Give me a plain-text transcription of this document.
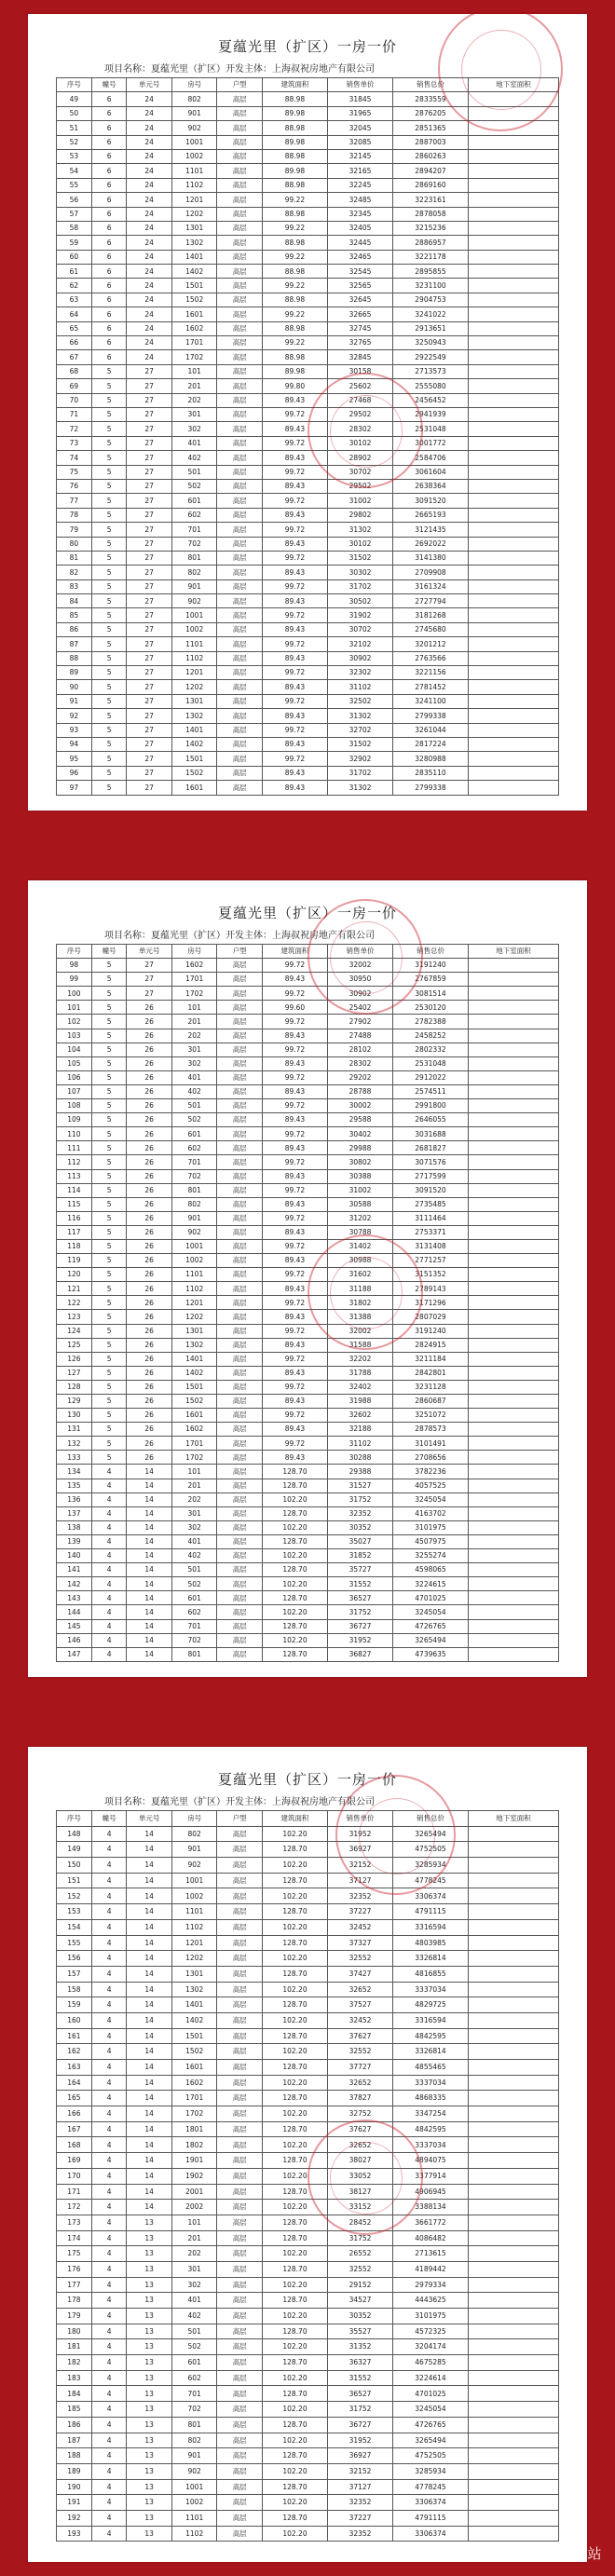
夏蕴光里（扩区）一房一价
项目名称：夏蕴光里（扩区）开发主体：上海叔祝房地产有限公司
序号	幢号	单元号	房号	户型	建筑面积	销售单价	销售总价	地下室面积
49	6	24	802	高层	88.98	31845	2833559	
50	6	24	901	高层	89.98	31965	2876205	
51	6	24	902	高层	88.98	32045	2851365	
52	6	24	1001	高层	89.98	32085	2887003	
53	6	24	1002	高层	88.98	32145	2860263	
54	6	24	1101	高层	89.98	32165	2894207	
55	6	24	1102	高层	88.98	32245	2869160	
56	6	24	1201	高层	99.22	32485	3223161	
57	6	24	1202	高层	88.98	32345	2878058	
58	6	24	1301	高层	99.22	32405	3215236	
59	6	24	1302	高层	88.98	32445	2886957	
60	6	24	1401	高层	99.22	32465	3221178	
61	6	24	1402	高层	88.98	32545	2895855	
62	6	24	1501	高层	99.22	32565	3231100	
63	6	24	1502	高层	88.98	32645	2904753	
64	6	24	1601	高层	99.22	32665	3241022	
65	6	24	1602	高层	88.98	32745	2913651	
66	6	24	1701	高层	99.22	32765	3250943	
67	6	24	1702	高层	88.98	32845	2922549	
68	5	27	101	高层	89.98	30158	2713573	
69	5	27	201	高层	99.80	25602	2555080	
70	5	27	202	高层	89.43	27468	2456452	
71	5	27	301	高层	99.72	29502	2941939	
72	5	27	302	高层	89.43	28302	2531048	
73	5	27	401	高层	99.72	30102	3001772	
74	5	27	402	高层	89.43	28902	2584706	
75	5	27	501	高层	99.72	30702	3061604	
76	5	27	502	高层	89.43	29502	2638364	
77	5	27	601	高层	99.72	31002	3091520	
78	5	27	602	高层	89.43	29802	2665193	
79	5	27	701	高层	99.72	31302	3121435	
80	5	27	702	高层	89.43	30102	2692022	
81	5	27	801	高层	99.72	31502	3141380	
82	5	27	802	高层	89.43	30302	2709908	
83	5	27	901	高层	99.72	31702	3161324	
84	5	27	902	高层	89.43	30502	2727794	
85	5	27	1001	高层	99.72	31902	3181268	
86	5	27	1002	高层	89.43	30702	2745680	
87	5	27	1101	高层	99.72	32102	3201212	
88	5	27	1102	高层	89.43	30902	2763566	
89	5	27	1201	高层	99.72	32302	3221156	
90	5	27	1202	高层	89.43	31102	2781452	
91	5	27	1301	高层	99.72	32502	3241100	
92	5	27	1302	高层	89.43	31302	2799338	
93	5	27	1401	高层	99.72	32702	3261044	
94	5	27	1402	高层	89.43	31502	2817224	
95	5	27	1501	高层	99.72	32902	3280988	
96	5	27	1502	高层	89.43	31702	2835110	
97	5	27	1601	高层	89.43	31302	2799338	
夏蕴光里（扩区）一房一价
项目名称：夏蕴光里（扩区）开发主体：上海叔祝房地产有限公司
序号	幢号	单元号	房号	户型	建筑面积	销售单价	销售总价	地下室面积
98	5	27	1602	高层	99.72	32002	3191240	
99	5	27	1701	高层	89.43	30950	2767859	
100	5	27	1702	高层	99.72	30902	3081514	
101	5	26	101	高层	99.60	25402	2530120	
102	5	26	201	高层	99.72	27902	2782388	
103	5	26	202	高层	89.43	27488	2458252	
104	5	26	301	高层	99.72	28102	2802332	
105	5	26	302	高层	89.43	28302	2531048	
106	5	26	401	高层	99.72	29202	2912022	
107	5	26	402	高层	89.43	28788	2574511	
108	5	26	501	高层	99.72	30002	2991800	
109	5	26	502	高层	89.43	29588	2646055	
110	5	26	601	高层	99.72	30402	3031688	
111	5	26	602	高层	89.43	29988	2681827	
112	5	26	701	高层	99.72	30802	3071576	
113	5	26	702	高层	89.43	30388	2717599	
114	5	26	801	高层	99.72	31002	3091520	
115	5	26	802	高层	89.43	30588	2735485	
116	5	26	901	高层	99.72	31202	3111464	
117	5	26	902	高层	89.43	30788	2753371	
118	5	26	1001	高层	99.72	31402	3131408	
119	5	26	1002	高层	89.43	30988	2771257	
120	5	26	1101	高层	99.72	31602	3151352	
121	5	26	1102	高层	89.43	31188	2789143	
122	5	26	1201	高层	99.72	31802	3171296	
123	5	26	1202	高层	89.43	31388	2807029	
124	5	26	1301	高层	99.72	32002	3191240	
125	5	26	1302	高层	89.43	31588	2824915	
126	5	26	1401	高层	99.72	32202	3211184	
127	5	26	1402	高层	89.43	31788	2842801	
128	5	26	1501	高层	99.72	32402	3231128	
129	5	26	1502	高层	89.43	31988	2860687	
130	5	26	1601	高层	99.72	32602	3251072	
131	5	26	1602	高层	89.43	32188	2878573	
132	5	26	1701	高层	99.72	31102	3101491	
133	5	26	1702	高层	89.43	30288	2708656	
134	4	14	101	高层	128.70	29388	3782236	
135	4	14	201	高层	128.70	31527	4057525	
136	4	14	202	高层	102.20	31752	3245054	
137	4	14	301	高层	128.70	32352	4163702	
138	4	14	302	高层	102.20	30352	3101975	
139	4	14	401	高层	128.70	35027	4507975	
140	4	14	402	高层	102.20	31852	3255274	
141	4	14	501	高层	128.70	35727	4598065	
142	4	14	502	高层	102.20	31552	3224615	
143	4	14	601	高层	128.70	36527	4701025	
144	4	14	602	高层	102.20	31752	3245054	
145	4	14	701	高层	128.70	36727	4726765	
146	4	14	702	高层	102.20	31952	3265494	
147	4	14	801	高层	128.70	36827	4739635	
夏蕴光里（扩区）一房一价
项目名称：夏蕴光里（扩区）开发主体：上海叔祝房地产有限公司
序号	幢号	单元号	房号	户型	建筑面积	销售单价	销售总价	地下室面积
148	4	14	802	高层	102.20	31952	3265494	
149	4	14	901	高层	128.70	36927	4752505	
150	4	14	902	高层	102.20	32152	3285934	
151	4	14	1001	高层	128.70	37127	4778245	
152	4	14	1002	高层	102.20	32352	3306374	
153	4	14	1101	高层	128.70	37227	4791115	
154	4	14	1102	高层	102.20	32452	3316594	
155	4	14	1201	高层	128.70	37327	4803985	
156	4	14	1202	高层	102.20	32552	3326814	
157	4	14	1301	高层	128.70	37427	4816855	
158	4	14	1302	高层	102.20	32652	3337034	
159	4	14	1401	高层	128.70	37527	4829725	
160	4	14	1402	高层	102.20	32452	3316594	
161	4	14	1501	高层	128.70	37627	4842595	
162	4	14	1502	高层	102.20	32552	3326814	
163	4	14	1601	高层	128.70	37727	4855465	
164	4	14	1602	高层	102.20	32652	3337034	
165	4	14	1701	高层	128.70	37827	4868335	
166	4	14	1702	高层	102.20	32752	3347254	
167	4	14	1801	高层	128.70	37627	4842595	
168	4	14	1802	高层	102.20	32652	3337034	
169	4	14	1901	高层	128.70	38027	4894075	
170	4	14	1902	高层	102.20	33052	3377914	
171	4	14	2001	高层	128.70	38127	4906945	
172	4	14	2002	高层	102.20	33152	3388134	
173	4	13	101	高层	128.70	28452	3661772	
174	4	13	201	高层	128.70	31752	4086482	
175	4	13	202	高层	102.20	26552	2713615	
176	4	13	301	高层	128.70	32552	4189442	
177	4	13	302	高层	102.20	29152	2979334	
178	4	13	401	高层	128.70	34527	4443625	
179	4	13	402	高层	102.20	30352	3101975	
180	4	13	501	高层	128.70	35527	4572325	
181	4	13	502	高层	102.20	31352	3204174	
182	4	13	601	高层	128.70	36327	4675285	
183	4	13	602	高层	102.20	31552	3224614	
184	4	13	701	高层	128.70	36527	4701025	
185	4	13	702	高层	102.20	31752	3245054	
186	4	13	801	高层	128.70	36727	4726765	
187	4	13	802	高层	102.20	31952	3265494	
188	4	13	901	高层	128.70	36927	4752505	
189	4	13	902	高层	102.20	32152	3285934	
190	4	13	1001	高层	128.70	37127	4778245	
191	4	13	1002	高层	102.20	32352	3306374	
192	4	13	1101	高层	128.70	37227	4791115	
193	4	13	1102	高层	102.20	32352	3306374	
搜狐号@搜狐焦点嘉哈关站
